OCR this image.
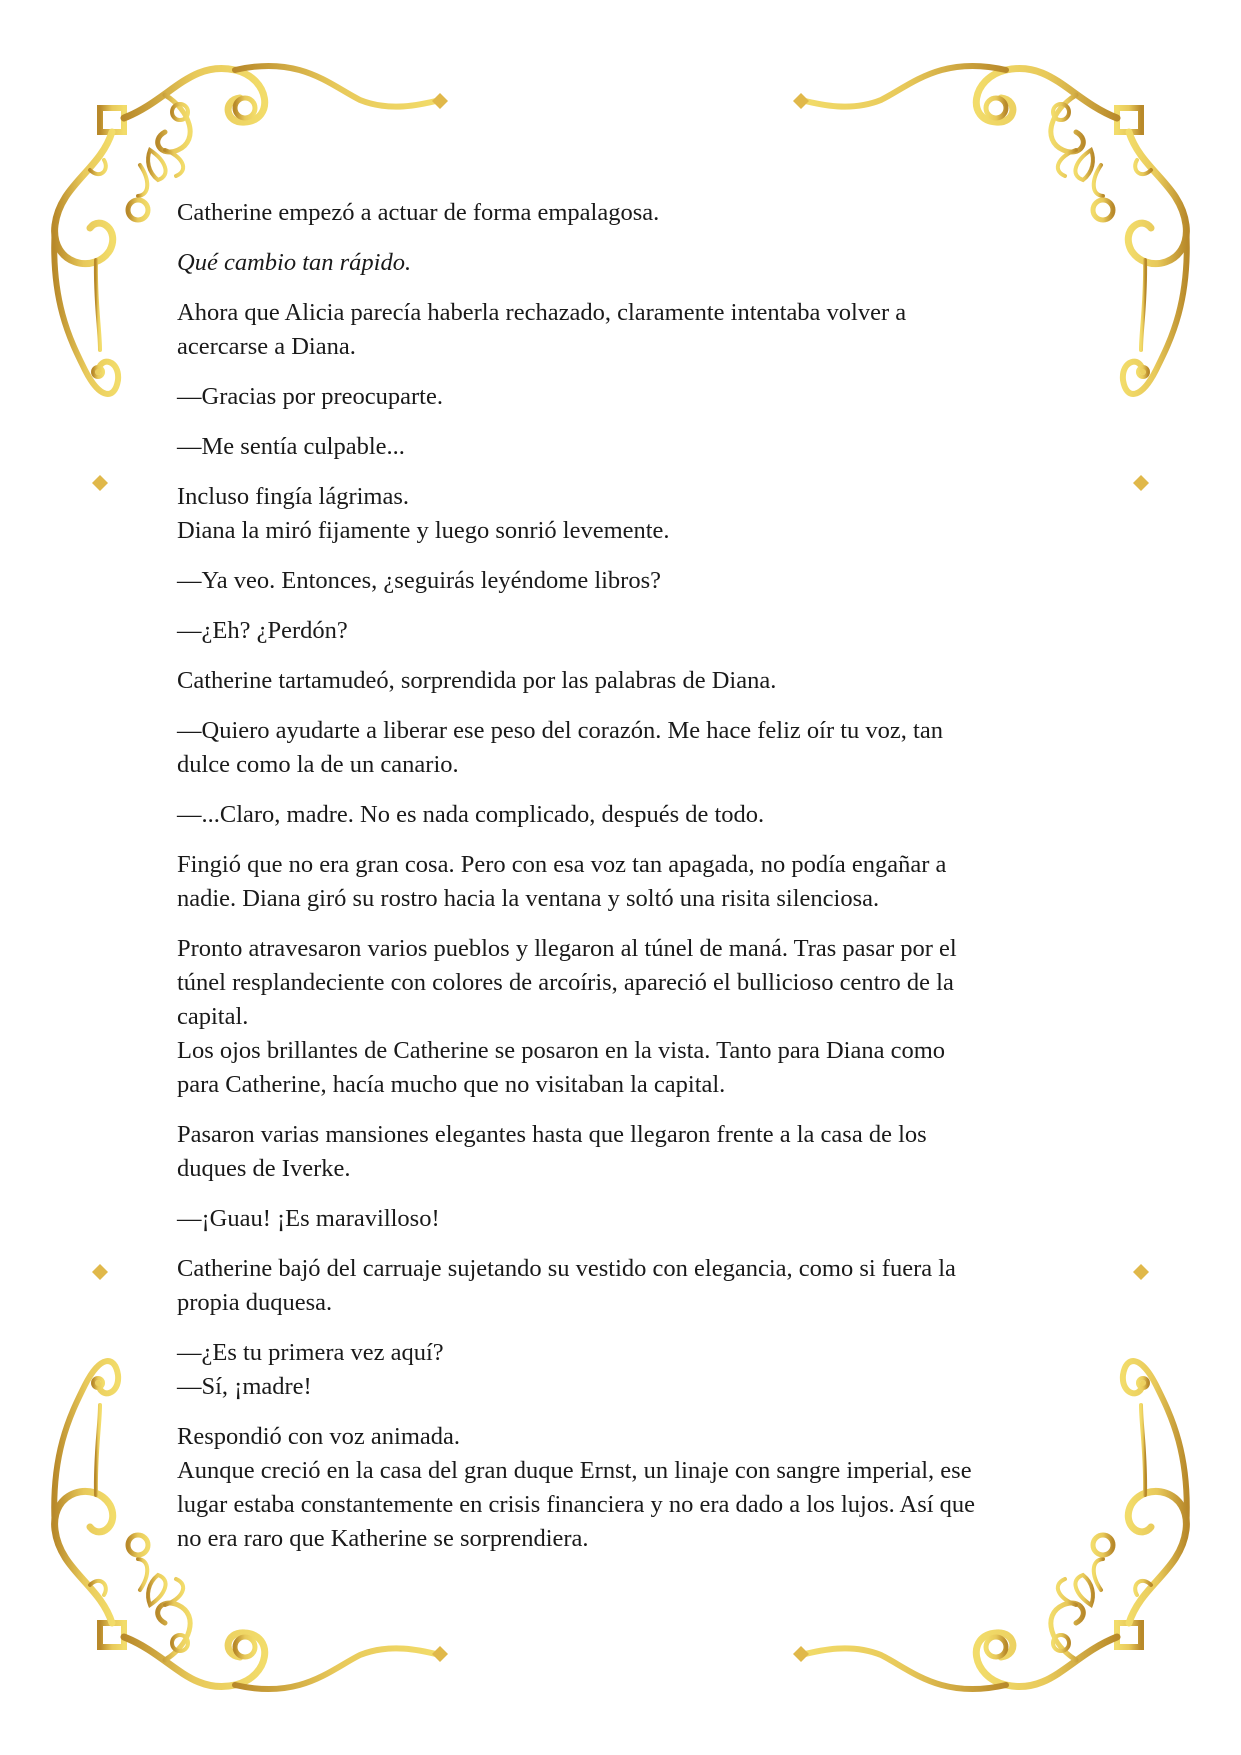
Catherine empezó a actuar de forma empalagosa.

Qué cambio tan rápido.

Ahora que Alicia parecía haberla rechazado, claramente intentaba volver a
acercarse a Diana.

—Gracias por preocuparte.

—Me sentía culpable...

Incluso fingía lágrimas.
Diana la miró fijamente y luego sonrió levemente.

—Ya veo. Entonces, ¿seguirás leyéndome libros?

—¿Eh? ¿Perdón?

Catherine tartamudeó, sorprendida por las palabras de Diana.

—Quiero ayudarte a liberar ese peso del corazón. Me hace feliz oír tu voz, tan
dulce como la de un canario.

—...Claro, madre. No es nada complicado, después de todo.

Fingió que no era gran cosa. Pero con esa voz tan apagada, no podía engañar a
nadie. Diana giró su rostro hacia la ventana y soltó una risita silenciosa.

Pronto atravesaron varios pueblos y llegaron al túnel de maná. Tras pasar por el
túnel resplandeciente con colores de arcoíris, apareció el bullicioso centro de la
capital.
Los ojos brillantes de Catherine se posaron en la vista. Tanto para Diana como
para Catherine, hacía mucho que no visitaban la capital.

Pasaron varias mansiones elegantes hasta que llegaron frente a la casa de los
duques de Iverke.

—¡Guau! ¡Es maravilloso!

Catherine bajó del carruaje sujetando su vestido con elegancia, como si fuera la
propia duquesa.

—¿Es tu primera vez aquí?
—Sí, ¡madre!

Respondió con voz animada.
Aunque creció en la casa del gran duque Ernst, un linaje con sangre imperial, ese
lugar estaba constantemente en crisis financiera y no era dado a los lujos. Así que
no era raro que Katherine se sorprendiera.
